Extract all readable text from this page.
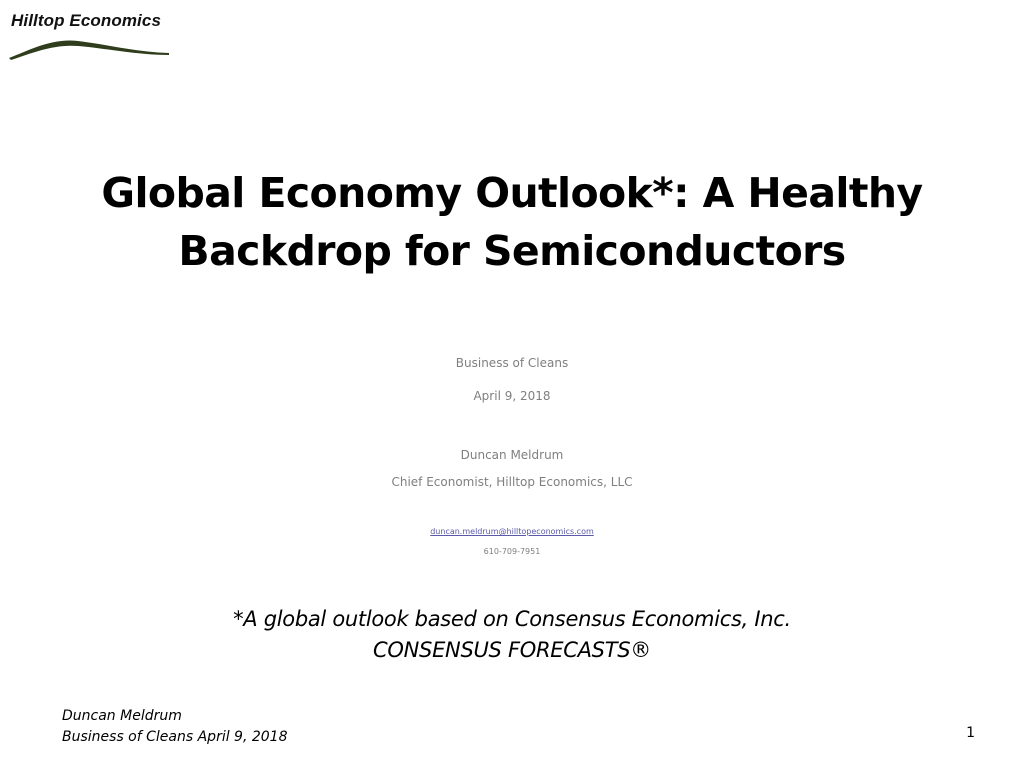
Hilltop Economics
Global Economy Outlook*: A Healthy
Backdrop for Semiconductors
Business of Cleans
April 9, 2018
Duncan Meldrum
Chief Economist, Hilltop Economics, LLC
duncan.meldrum@hilltopeconomics.com
610-709-7951
*A global outlook based on Consensus Economics, Inc.
CONSENSUS FORECASTS®
Duncan Meldrum
Business of Cleans April 9, 2018	1
